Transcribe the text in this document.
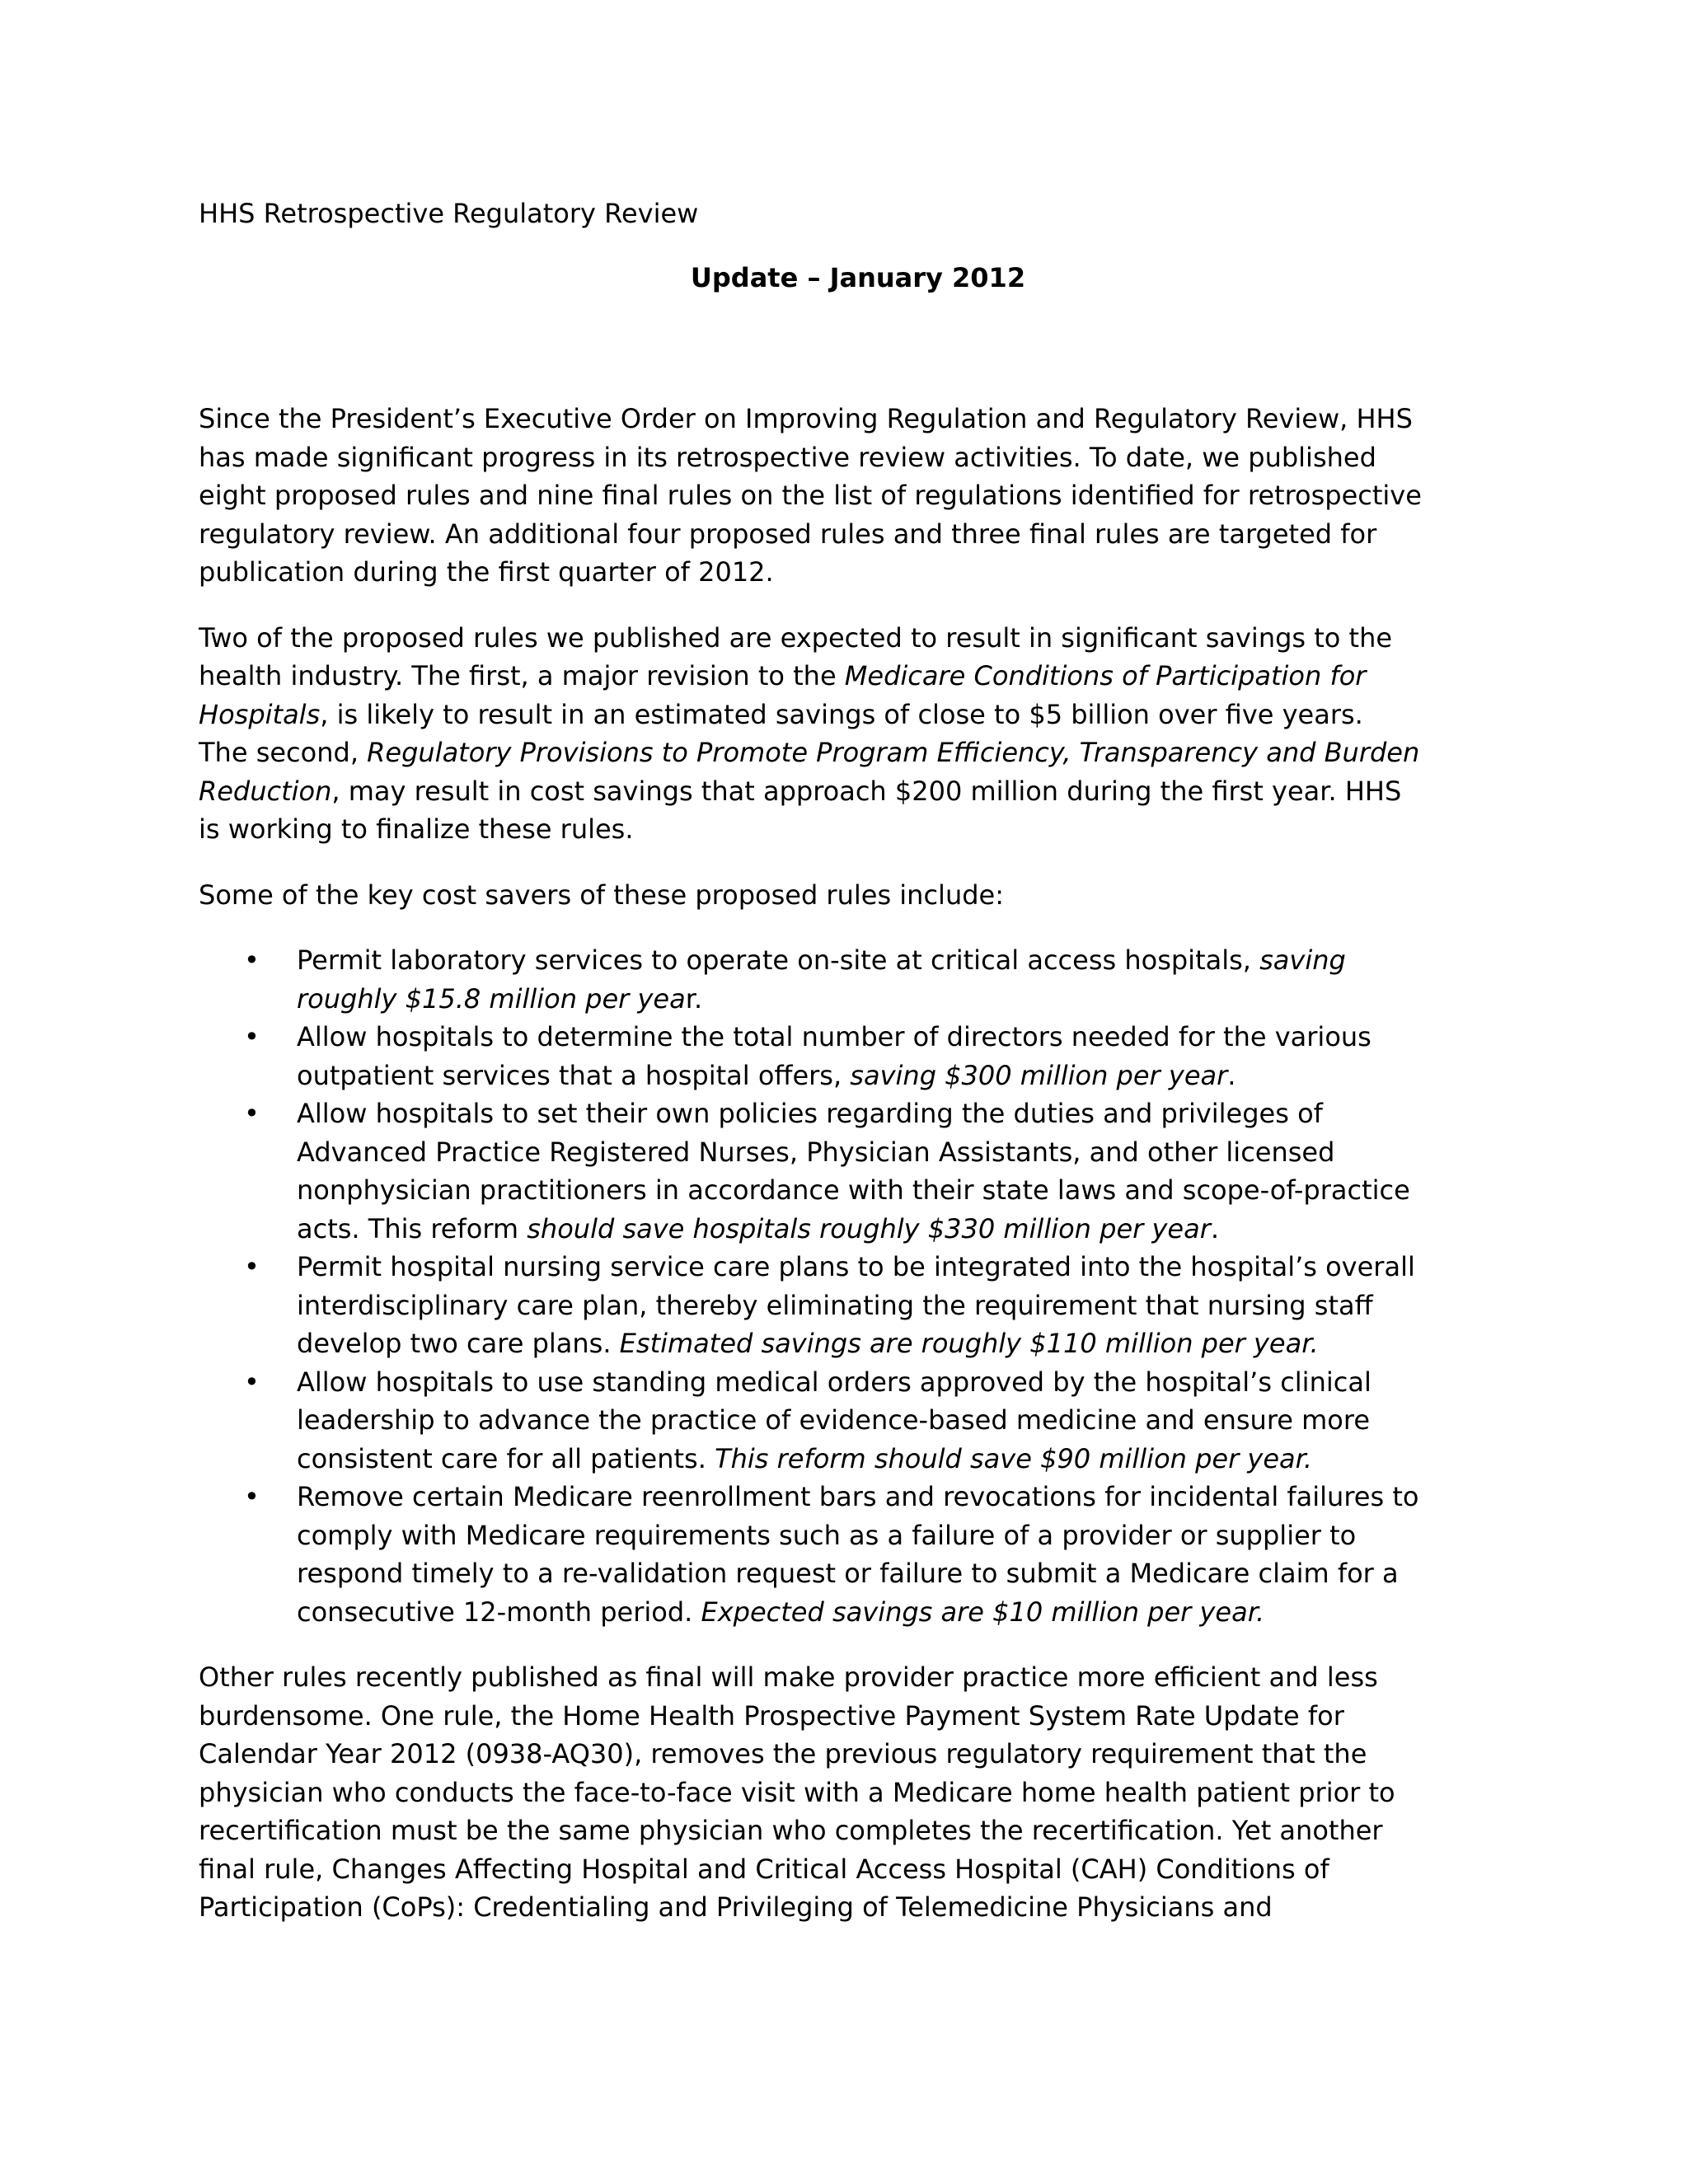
HHS Retrospective Regulatory Review

Update – January 2012

Since the President’s Executive Order on Improving Regulation and Regulatory Review, HHS
has made significant progress in its retrospective review activities. To date, we published
eight proposed rules and nine final rules on the list of regulations identified for retrospective
regulatory review. An additional four proposed rules and three final rules are targeted for
publication during the first quarter of 2012.

Two of the proposed rules we published are expected to result in significant savings to the
health industry. The first, a major revision to the Medicare Conditions of Participation for
Hospitals, is likely to result in an estimated savings of close to $5 billion over five years.
The second, Regulatory Provisions to Promote Program Efficiency, Transparency and Burden
Reduction, may result in cost savings that approach $200 million during the first year. HHS
is working to finalize these rules.

Some of the key cost savers of these proposed rules include:

• Permit laboratory services to operate on-site at critical access hospitals, saving
roughly $15.8 million per year.
• Allow hospitals to determine the total number of directors needed for the various
outpatient services that a hospital offers, saving $300 million per year.
• Allow hospitals to set their own policies regarding the duties and privileges of
Advanced Practice Registered Nurses, Physician Assistants, and other licensed
nonphysician practitioners in accordance with their state laws and scope-of-practice
acts. This reform should save hospitals roughly $330 million per year.
• Permit hospital nursing service care plans to be integrated into the hospital’s overall
interdisciplinary care plan, thereby eliminating the requirement that nursing staff
develop two care plans. Estimated savings are roughly $110 million per year.
• Allow hospitals to use standing medical orders approved by the hospital’s clinical
leadership to advance the practice of evidence-based medicine and ensure more
consistent care for all patients. This reform should save $90 million per year.
• Remove certain Medicare reenrollment bars and revocations for incidental failures to
comply with Medicare requirements such as a failure of a provider or supplier to
respond timely to a re-validation request or failure to submit a Medicare claim for a
consecutive 12-month period. Expected savings are $10 million per year.

Other rules recently published as final will make provider practice more efficient and less
burdensome. One rule, the Home Health Prospective Payment System Rate Update for
Calendar Year 2012 (0938-AQ30), removes the previous regulatory requirement that the
physician who conducts the face-to-face visit with a Medicare home health patient prior to
recertification must be the same physician who completes the recertification. Yet another
final rule, Changes Affecting Hospital and Critical Access Hospital (CAH) Conditions of
Participation (CoPs): Credentialing and Privileging of Telemedicine Physicians and
